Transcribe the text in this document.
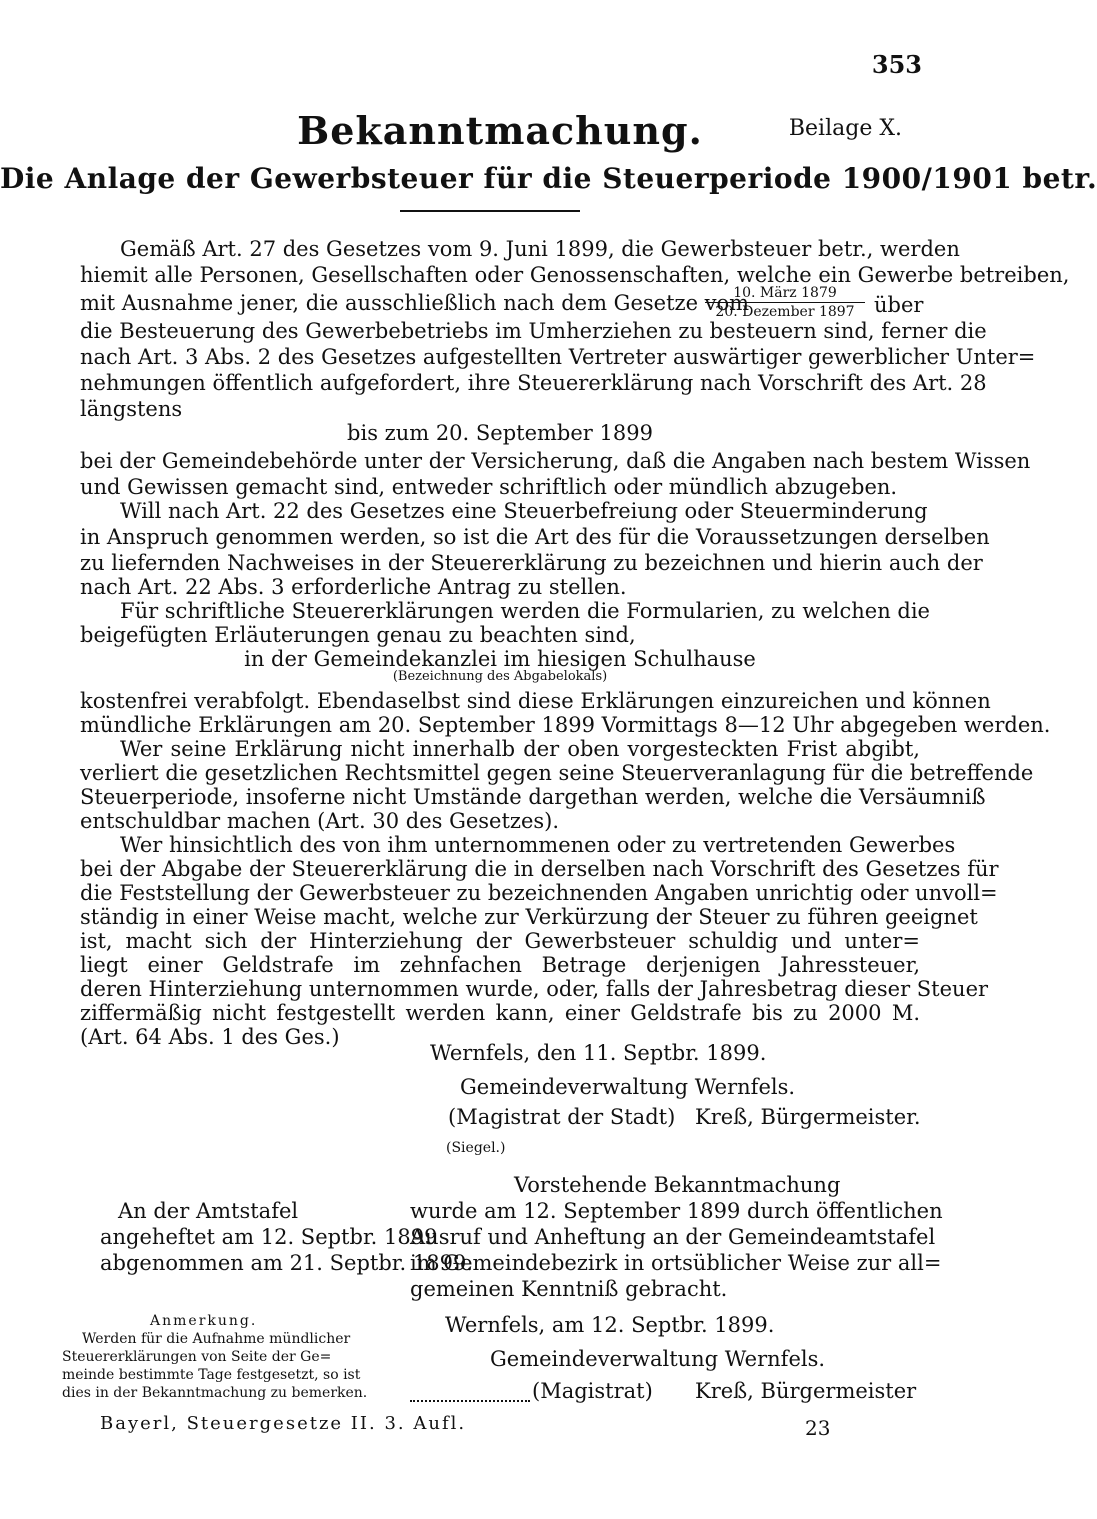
353
Bekanntmachung.	Beilage X.
Die Anlage der Gewerbsteuer für die Steuerperiode 1900/1901 betr.
Gemäß Art. 27 des Gesetzes vom 9. Juni 1899, die Gewerbsteuer betr., werden
hiemit alle Personen, Gesellschaften oder Genossenschaften, welche ein Gewerbe betreiben,
mit Ausnahme jener, die ausschließlich nach dem Gesetze vom
10. März 1879
20. Dezember 1897 über
die Besteuerung des Gewerbebetriebs im Umherziehen zu besteuern sind, ferner die
nach Art. 3 Abs. 2 des Gesetzes aufgestellten Vertreter auswärtiger gewerblicher Unter=
nehmungen öffentlich aufgefordert, ihre Steuererklärung nach Vorschrift des Art. 28
längstens
bis zum 20. September 1899
bei der Gemeindebehörde unter der Versicherung, daß die Angaben nach bestem Wissen
und Gewissen gemacht sind, entweder schriftlich oder mündlich abzugeben.
Will nach Art. 22 des Gesetzes eine Steuerbefreiung oder Steuerminderung
in Anspruch genommen werden, so ist die Art des für die Voraussetzungen derselben
zu liefernden Nachweises in der Steuererklärung zu bezeichnen und hierin auch der
nach Art. 22 Abs. 3 erforderliche Antrag zu stellen.
Für schriftliche Steuererklärungen werden die Formularien, zu welchen die
beigefügten Erläuterungen genau zu beachten sind,
in der Gemeindekanzlei im hiesigen Schulhause
(Bezeichnung des Abgabelokals)
kostenfrei verabfolgt. Ebendaselbst sind diese Erklärungen einzureichen und können
mündliche Erklärungen am 20. September 1899 Vormittags 8—12 Uhr abgegeben werden.
Wer seine Erklärung nicht innerhalb der oben vorgesteckten Frist abgibt,
verliert die gesetzlichen Rechtsmittel gegen seine Steuerveranlagung für die betreffende
Steuerperiode, insoferne nicht Umstände dargethan werden, welche die Versäumniß
entschuldbar machen (Art. 30 des Gesetzes).
Wer hinsichtlich des von ihm unternommenen oder zu vertretenden Gewerbes
bei der Abgabe der Steuererklärung die in derselben nach Vorschrift des Gesetzes für
die Feststellung der Gewerbsteuer zu bezeichnenden Angaben unrichtig oder unvoll=
ständig in einer Weise macht, welche zur Verkürzung der Steuer zu führen geeignet
ist, macht sich der Hinterziehung der Gewerbsteuer schuldig und unter=
liegt einer Geldstrafe im zehnfachen Betrage derjenigen Jahressteuer,
deren Hinterziehung unternommen wurde, oder, falls der Jahresbetrag dieser Steuer
ziffermäßig nicht festgestellt werden kann, einer Geldstrafe bis zu 2000 M.
(Art. 64 Abs. 1 des Ges.)
Wernfels, den 11. Septbr. 1899.
Gemeindeverwaltung Wernfels.
(Magistrat der Stadt) Kreß, Bürgermeister.
(Siegel.)
An der Amtstafel
angeheftet am 12. Septbr. 1899
abgenommen am 21. Septbr. 1899.
Vorstehende Bekanntmachung
wurde am 12. September 1899 durch öffentlichen
Ausruf und Anheftung an der Gemeindeamtstafel
im Gemeindebezirk in ortsüblicher Weise zur all=
gemeinen Kenntniß gebracht.
Anmerkung.
Werden für die Aufnahme mündlicher
Steuererklärungen von Seite der Ge=
meinde bestimmte Tage festgesetzt, so ist
dies in der Bekanntmachung zu bemerken.
Wernfels, am 12. Septbr. 1899.
Gemeindeverwaltung Wernfels.
(Magistrat) Kreß, Bürgermeister
Bayerl, Steuergesetze II. 3. Aufl.	23
